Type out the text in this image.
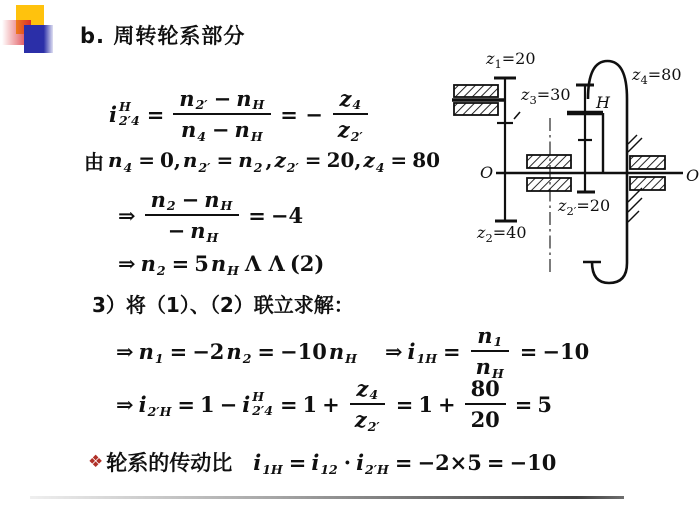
b. 周转轮系部分
i H
$2'4 = \frac{\text{n 2′ − n H}}{\text{n 4 − n H}}$ = − $\frac{z 4}{z 2'}$
由 n 4 = 0, n 2′ = n 2 , z 2′ = 20, z 4 = 80
⇒ $\frac{\text{n 2 − n H}}{\text{− n H}} = -4$
⇒ n 2 = 5 n H Λ Λ (2)
3）将（1）、（2）联立求解：
⇒ n 1 = −2 n 2 = −10 n H ⇒ i $1H = \frac{n 1}{\text{n H}} = -10$
⇒ i 2′H = 1 − i H
$2'4 = 1 + \frac{z 4}{z 2'} = 1 + \frac{80}{20} = 5$
❖ 轮系的传动比 i 1H = i 12 · i 2′H = −2×5 = −10
$z_1=20$
$z_3=30$
$z_4=80$
$z_{2'}=20$
$z_2=40$
H
O	O
